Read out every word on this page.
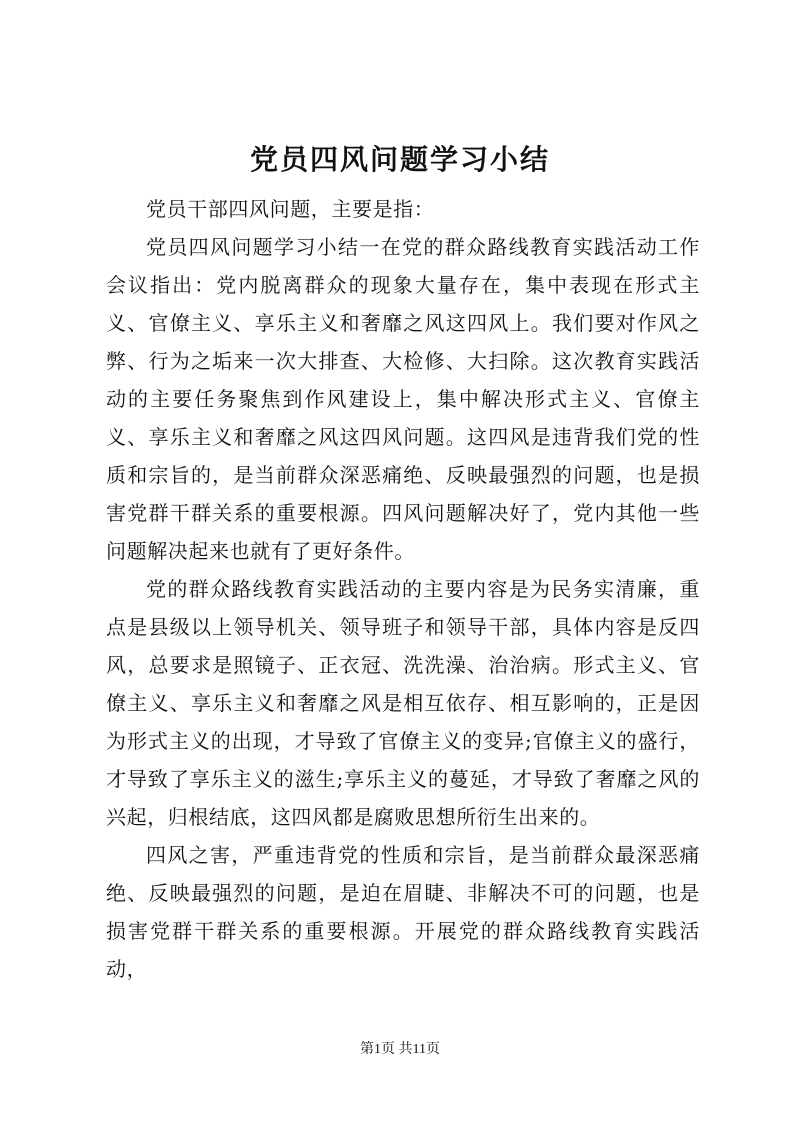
党员四风问题学习小结

党员干部四风问题，主要是指：

党员四风问题学习小结一在党的群众路线教育实践活动工作会议指出：党内脱离群众的现象大量存在，集中表现在形式主义、官僚主义、享乐主义和奢靡之风这四风上。我们要对作风之弊、行为之垢来一次大排查、大检修、大扫除。这次教育实践活动的主要任务聚焦到作风建设上，集中解决形式主义、官僚主义、享乐主义和奢靡之风这四风问题。这四风是违背我们党的性质和宗旨的，是当前群众深恶痛绝、反映最强烈的问题，也是损害党群干群关系的重要根源。四风问题解决好了，党内其他一些问题解决起来也就有了更好条件。

党的群众路线教育实践活动的主要内容是为民务实清廉，重点是县级以上领导机关、领导班子和领导干部，具体内容是反四风，总要求是照镜子、正衣冠、洗洗澡、治治病。形式主义、官僚主义、享乐主义和奢靡之风是相互依存、相互影响的，正是因为形式主义的出现，才导致了官僚主义的变异;官僚主义的盛行，才导致了享乐主义的滋生;享乐主义的蔓延，才导致了奢靡之风的兴起，归根结底，这四风都是腐败思想所衍生出来的。

四风之害，严重违背党的性质和宗旨，是当前群众最深恶痛绝、反映最强烈的问题，是迫在眉睫、非解决不可的问题，也是损害党群干群关系的重要根源。开展党的群众路线教育实践活动，

第1页 共11页
